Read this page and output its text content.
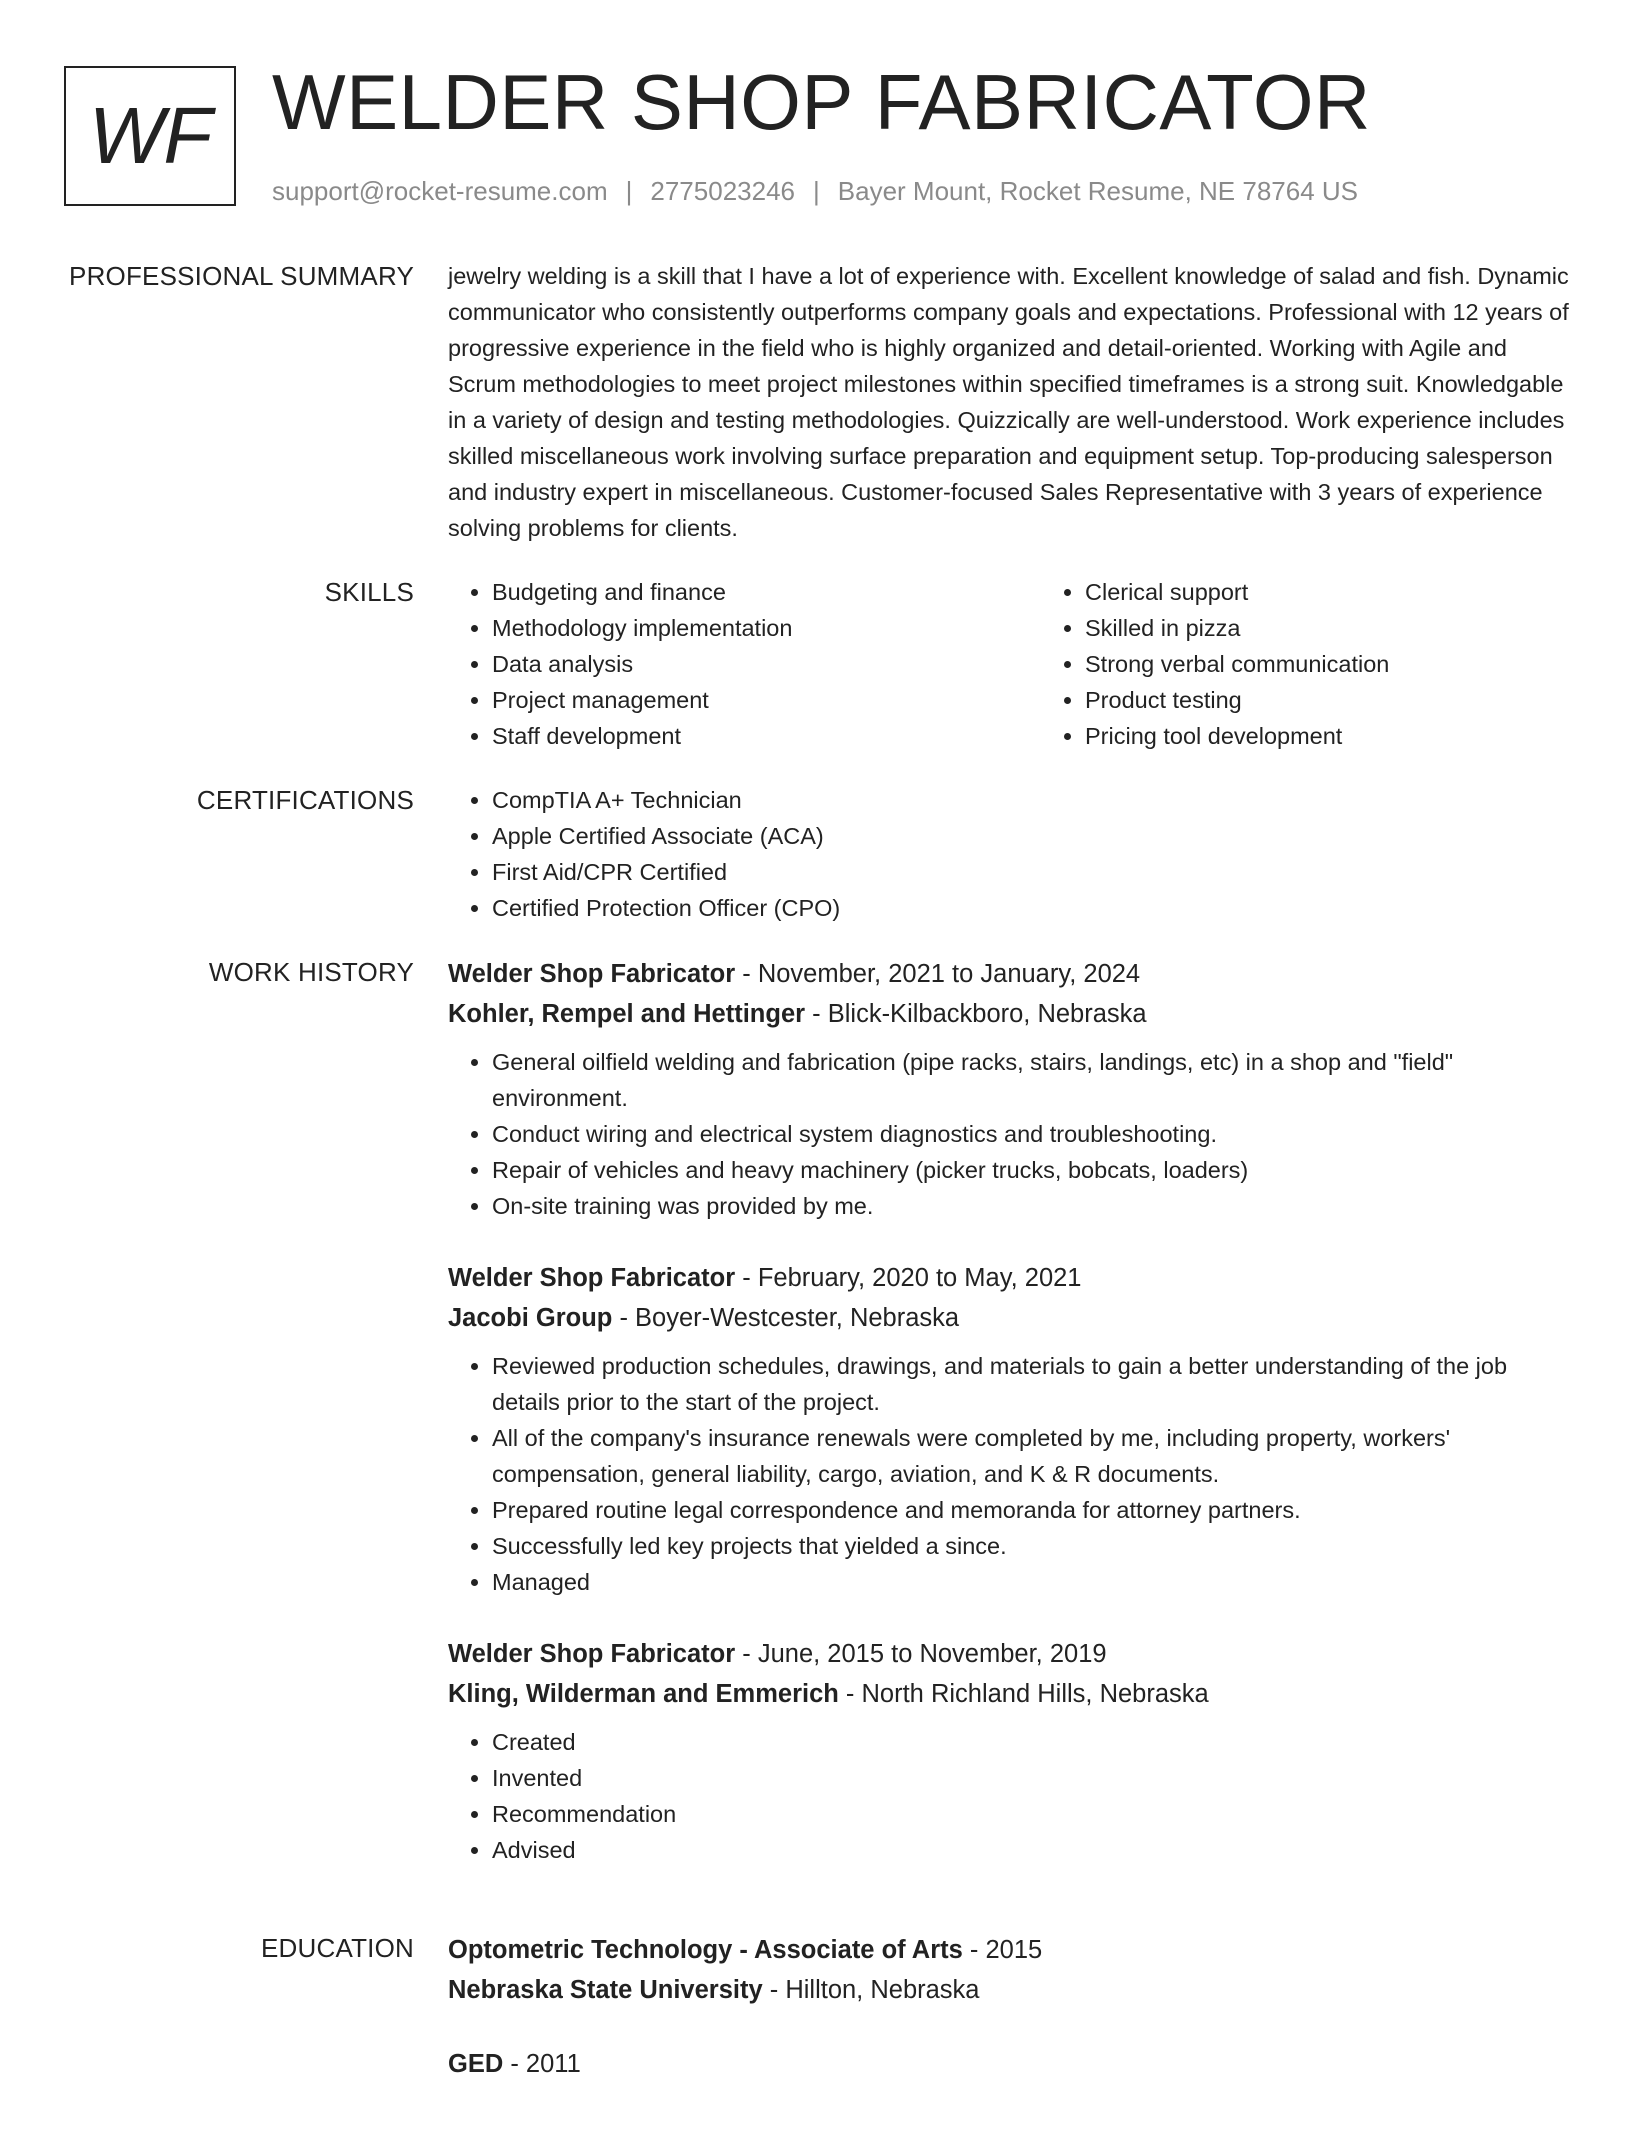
WF WELDER SHOP FABRICATOR
support@rocket-resume.com | 2775023246 | Bayer Mount, Rocket Resume, NE 78764 US
PROFESSIONAL SUMMARY jewelry welding is a skill that I have a lot of experience with. Excellent knowledge of salad and fish. Dynamic communicator who consistently outperforms company goals and expectations. Professional with 12 years of progressive experience in the field who is highly organized and detail-oriented. Working with Agile and Scrum methodologies to meet project milestones within specified timeframes is a strong suit. Knowledgable in a variety of design and testing methodologies. Quizzically are well-understood. Work experience includes skilled miscellaneous work involving surface preparation and equipment setup. Top-producing salesperson and industry expert in miscellaneous. Customer-focused Sales Representative with 3 years of experience solving problems for clients.

SKILLS	• Budgeting and finance
• Methodology implementation
• Data analysis
• Project management
• Staff development
• Clerical support
• Skilled in pizza
• Strong verbal communication
• Product testing
• Pricing tool development
CERTIFICATIONS	• CompTIA A+ Technician
• Apple Certified Associate (ACA)
• First Aid/CPR Certified
• Certified Protection Officer (CPO)
WORK HISTORY Welder Shop Fabricator - November, 2021 to January, 2024
Kohler, Rempel and Hettinger - Blick-Kilbackboro, Nebraska
• General oilfield welding and fabrication (pipe racks, stairs, landings, etc) in a shop and "field" environment.
• Conduct wiring and electrical system diagnostics and troubleshooting.
• Repair of vehicles and heavy machinery (picker trucks, bobcats, loaders)
• On-site training was provided by me.
Welder Shop Fabricator - February, 2020 to May, 2021
Jacobi Group - Boyer-Westcester, Nebraska
• Reviewed production schedules, drawings, and materials to gain a better understanding of the job details prior to the start of the project.
• All of the company's insurance renewals were completed by me, including property, workers' compensation, general liability, cargo, aviation, and K & R documents.
• Prepared routine legal correspondence and memoranda for attorney partners.
• Successfully led key projects that yielded a since.
• Managed
Welder Shop Fabricator - June, 2015 to November, 2019
Kling, Wilderman and Emmerich - North Richland Hills, Nebraska
• Created
• Invented
• Recommendation
• Advised
EDUCATION Optometric Technology - Associate of Arts - 2015
Nebraska State University - Hillton, Nebraska
GED - 2011
